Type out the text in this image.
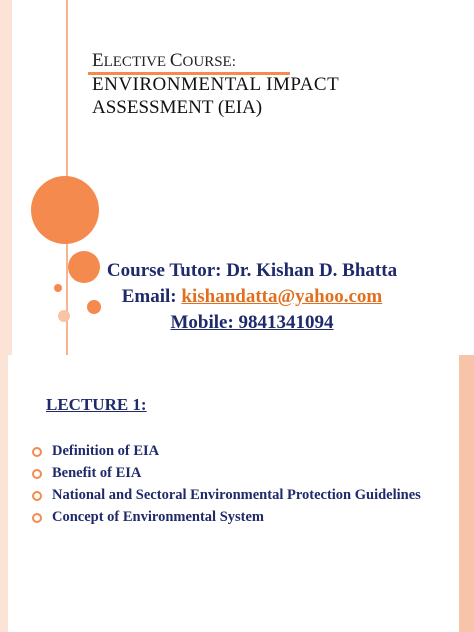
ELECTIVE COURSE:
ENVIRONMENTAL IMPACT
ASSESSMENT (EIA)
Course Tutor: Dr. Kishan D. Bhatta
Email: kishandatta@yahoo.com
Mobile: 9841341094
LECTURE 1:
Definition of EIA
Benefit of EIA
National and Sectoral Environmental Protection Guidelines
Concept of Environmental System
